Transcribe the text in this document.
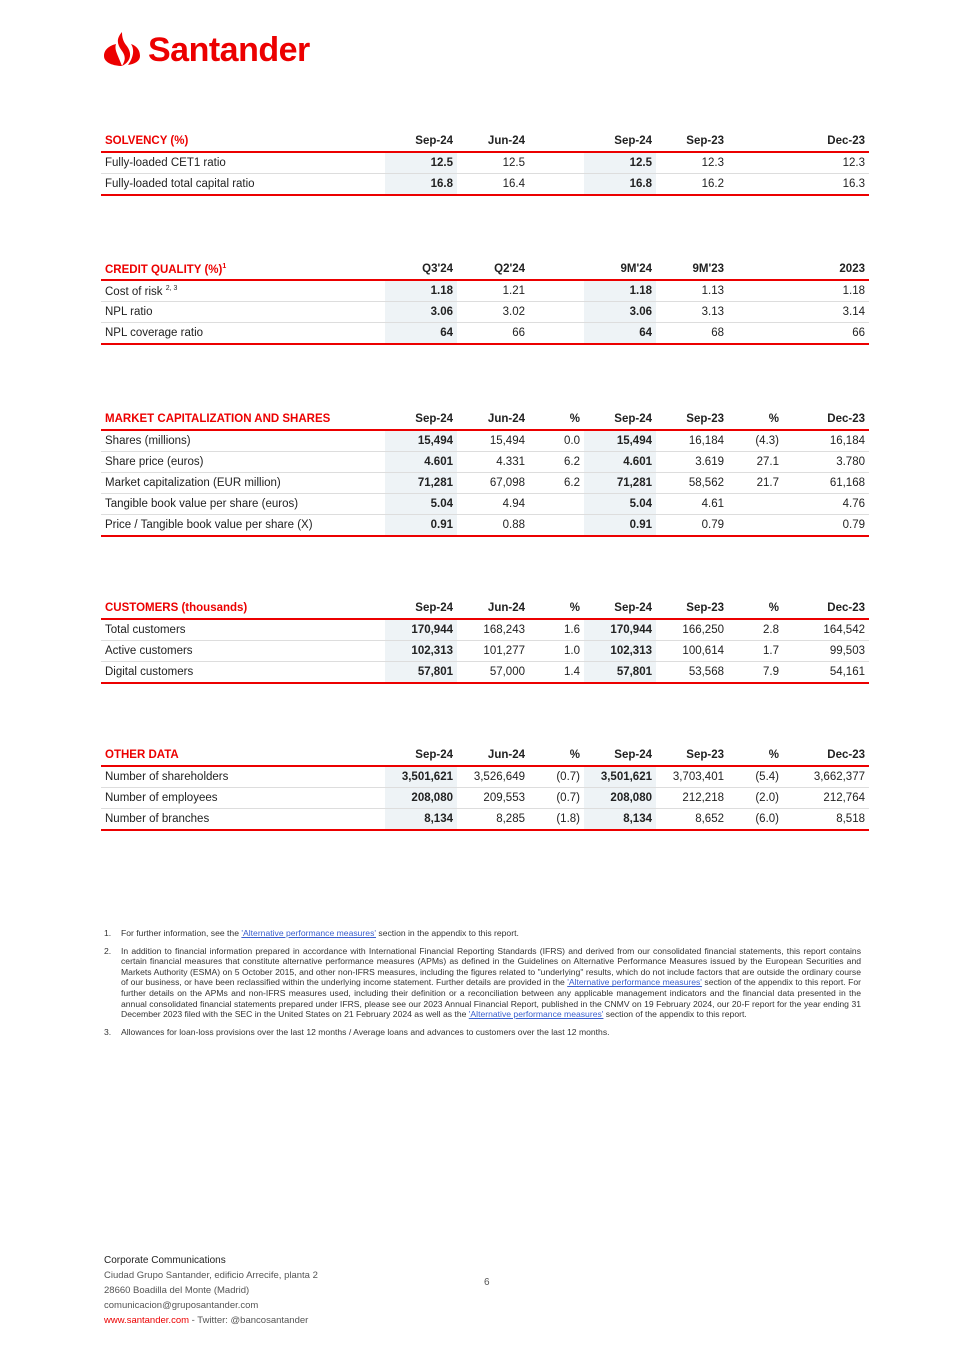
Santander
SOLVENCY (%)	Sep-24	Jun-24		Sep-24	Sep-23		Dec-23
Fully-loaded CET1 ratio	12.5	12.5		12.5	12.3		12.3
Fully-loaded total capital ratio	16.8	16.4		16.8	16.2		16.3
CREDIT QUALITY (%)$^1$	Q3'24	Q2'24		9M'24	9M'23		2023
Cost of risk $^{2, 3}$	1.18	1.21		1.18	1.13		1.18
NPL ratio	3.06	3.02		3.06	3.13		3.14
NPL coverage ratio	64	66		64	68		66
MARKET CAPITALIZATION AND SHARES	Sep-24	Jun-24	%	Sep-24	Sep-23	%	Dec-23
Shares (millions)	15,494	15,494	0.0	15,494	16,184	(4.3)	16,184
Share price (euros)	4.601	4.331	6.2	4.601	3.619	27.1	3.780
Market capitalization (EUR million)	71,281	67,098	6.2	71,281	58,562	21.7	61,168
Tangible book value per share (euros)	5.04	4.94		5.04	4.61		4.76
Price / Tangible book value per share (X)	0.91	0.88		0.91	0.79		0.79
CUSTOMERS (thousands)	Sep-24	Jun-24	%	Sep-24	Sep-23	%	Dec-23
Total customers	170,944	168,243	1.6	170,944	166,250	2.8	164,542
Active customers	102,313	101,277	1.0	102,313	100,614	1.7	99,503
Digital customers	57,801	57,000	1.4	57,801	53,568	7.9	54,161
OTHER DATA	Sep-24	Jun-24	%	Sep-24	Sep-23	%	Dec-23
Number of shareholders	3,501,621	3,526,649	(0.7)	3,501,621	3,703,401	(5.4)	3,662,377
Number of employees	208,080	209,553	(0.7)	208,080	212,218	(2.0)	212,764
Number of branches	8,134	8,285	(1.8)	8,134	8,652	(6.0)	8,518
1.	For further information, see the 'Alternative performance measures' section in the appendix to this report.
2.	In addition to financial information prepared in accordance with International Financial Reporting Standards (IFRS) and derived from our consolidated financial statements, this report contains certain financial measures that constitute alternative performance measures (APMs) as defined in the Guidelines on Alternative Performance Measures issued by the European Securities and Markets Authority (ESMA) on 5 October 2015, and other non-IFRS measures, including the figures related to "underlying" results, which do not include factors that are outside the ordinary course of our business, or have been reclassified within the underlying income statement. Further details are provided in the 'Alternative performance measures' section of the appendix to this report. For further details on the APMs and non-IFRS measures used, including their definition or a reconciliation between any applicable management indicators and the financial data presented in the annual consolidated financial statements prepared under IFRS, please see our 2023 Annual Financial Report, published in the CNMV on 19 February 2024, our 20-F report for the year ending 31 December 2023 filed with the SEC in the United States on 21 February 2024 as well as the 'Alternative performance measures' section of the appendix to this report.
3.	Allowances for loan-loss provisions over the last 12 months / Average loans and advances to customers over the last 12 months.
Corporate Communications
Ciudad Grupo Santander, edificio Arrecife, planta 2
28660 Boadilla del Monte (Madrid)
comunicacion@gruposantander.com
www.santander.com - Twitter: @bancosantander
6
